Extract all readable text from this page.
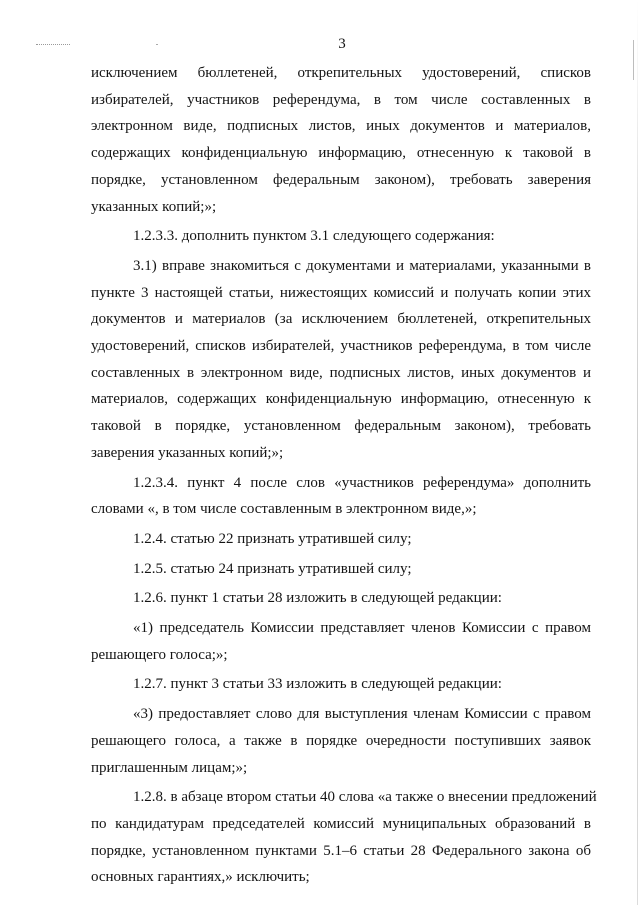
3
исключением бюллетеней, открепительных удостоверений, списков
избирателей, участников референдума, в том числе составленных в
электронном виде, подписных листов, иных документов и материалов,
содержащих конфиденциальную информацию, отнесенную к таковой в
порядке, установленном федеральным законом), требовать заверения
указанных копий;»;
1.2.3.3. дополнить пунктом 3.1 следующего содержания:
3.1) вправе знакомиться с документами и материалами, указанными в
пункте 3 настоящей статьи, нижестоящих комиссий и получать копии этих
документов и материалов (за исключением бюллетеней, открепительных
удостоверений, списков избирателей, участников референдума, в том числе
составленных в электронном виде, подписных листов, иных документов и
материалов, содержащих конфиденциальную информацию, отнесенную к
таковой в порядке, установленном федеральным законом), требовать
заверения указанных копий;»;
1.2.3.4. пункт 4 после слов «участников референдума» дополнить
словами «, в том числе составленным в электронном виде,»;
1.2.4. статью 22 признать утратившей силу;
1.2.5. статью 24 признать утратившей силу;
1.2.6. пункт 1 статьи 28 изложить в следующей редакции:
«1) председатель Комиссии представляет членов Комиссии с правом
решающего голоса;»;
1.2.7. пункт 3 статьи 33 изложить в следующей редакции:
«3) предоставляет слово для выступления членам Комиссии с правом
решающего голоса, а также в порядке очередности поступивших заявок
приглашенным лицам;»;
1.2.8. в абзаце втором статьи 40 слова «а также о внесении предложений
по кандидатурам председателей комиссий муниципальных образований в
порядке, установленном пунктами 5.1–6 статьи 28 Федерального закона об
основных гарантиях,» исключить;
